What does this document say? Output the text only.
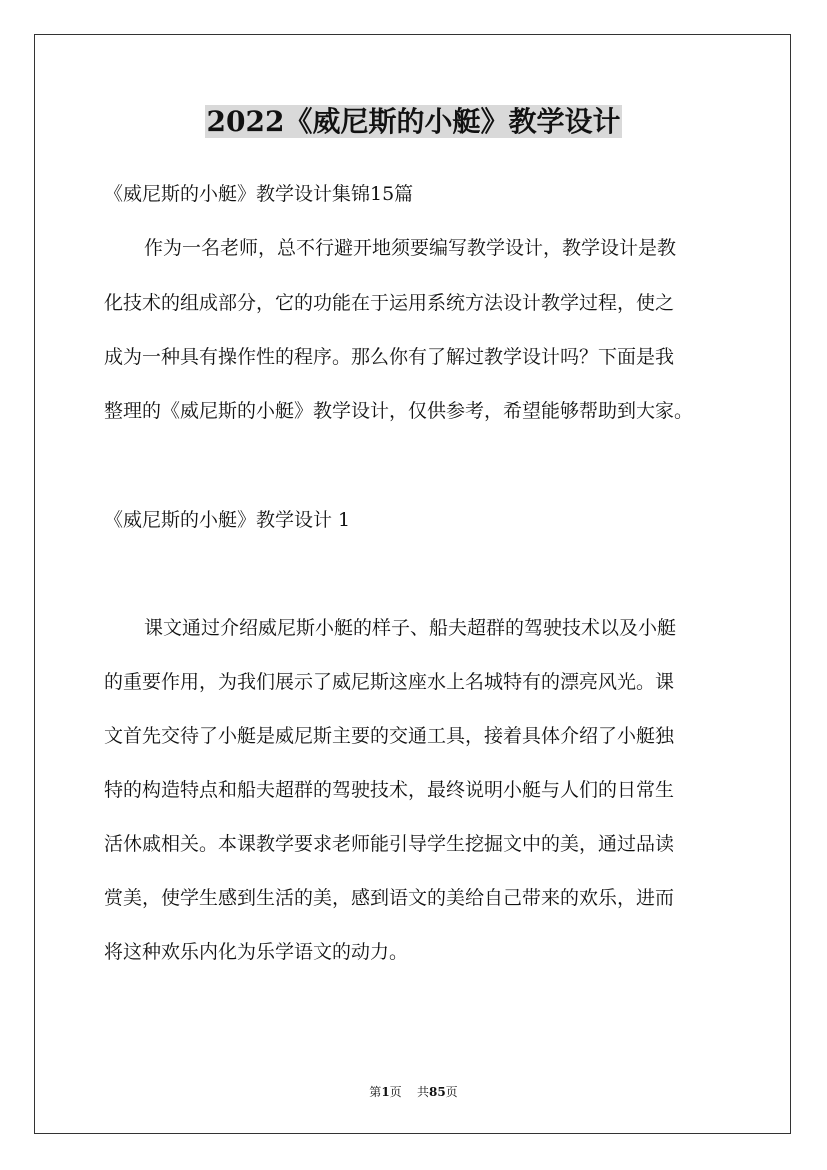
2022《威尼斯的小艇》教学设计
《威尼斯的小艇》教学设计集锦15篇
作为一名老师，总不行避开地须要编写教学设计，教学设计是教
化技术的组成部分，它的功能在于运用系统方法设计教学过程，使之
成为一种具有操作性的程序。那么你有了解过教学设计吗？下面是我
整理的《威尼斯的小艇》教学设计，仅供参考，希望能够帮助到大家。
《威尼斯的小艇》教学设计 1
课文通过介绍威尼斯小艇的样子、船夫超群的驾驶技术以及小艇
的重要作用，为我们展示了威尼斯这座水上名城特有的漂亮风光。课
文首先交待了小艇是威尼斯主要的交通工具，接着具体介绍了小艇独
特的构造特点和船夫超群的驾驶技术，最终说明小艇与人们的日常生
活休戚相关。本课教学要求老师能引导学生挖掘文中的美，通过品读
赏美，使学生感到生活的美，感到语文的美给自己带来的欢乐，进而
将这种欢乐内化为乐学语文的动力。
第1页 共85页
